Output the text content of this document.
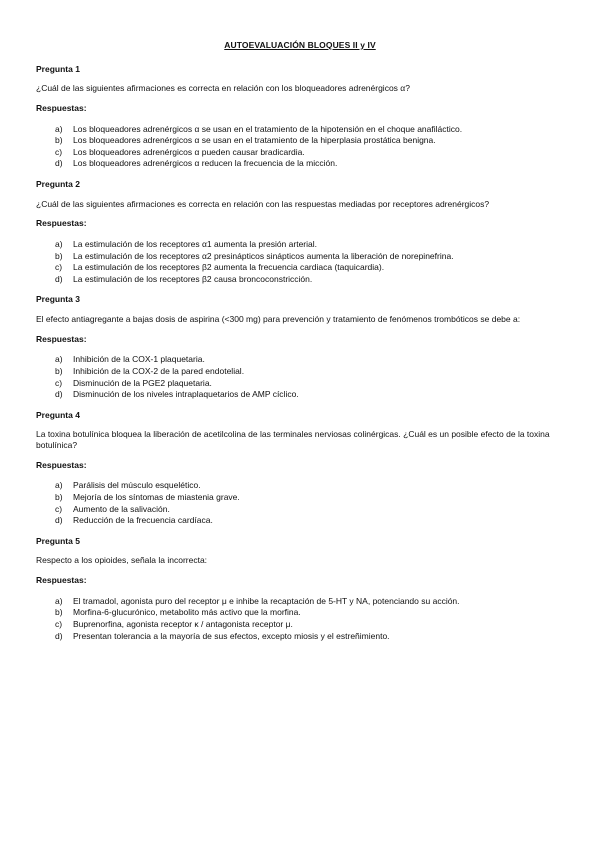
AUTOEVALUACIÓN BLOQUES II y IV
Pregunta 1
¿Cuál de las siguientes afirmaciones es correcta en relación con los bloqueadores adrenérgicos α?
Respuestas:
a)	Los bloqueadores adrenérgicos α se usan en el tratamiento de la hipotensión en el choque anafiláctico.
b)	Los bloqueadores adrenérgicos α se usan en el tratamiento de la hiperplasia prostática benigna.
c)	Los bloqueadores adrenérgicos α pueden causar bradicardia.
d)	Los bloqueadores adrenérgicos α reducen la frecuencia de la micción.
Pregunta 2
¿Cuál de las siguientes afirmaciones es correcta en relación con las respuestas mediadas por receptores adrenérgicos?
Respuestas:
a)	La estimulación de los receptores α1 aumenta la presión arterial.
b)	La estimulación de los receptores α2 presinápticos sinápticos aumenta la liberación de norepinefrina.
c)	La estimulación de los receptores β2 aumenta la frecuencia cardiaca (taquicardia).
d)	La estimulación de los receptores β2 causa broncoconstricción.
Pregunta 3
El efecto antiagregante a bajas dosis de aspirina (<300 mg) para prevención y tratamiento de fenómenos trombóticos se debe a:
Respuestas:
a)	Inhibición de la COX-1 plaquetaria.
b)	Inhibición de la COX-2 de la pared endotelial.
c)	Disminución de la PGE2 plaquetaria.
d)	Disminución de los niveles intraplaquetarios de AMP cíclico.
Pregunta 4
La toxina botulínica bloquea la liberación de acetilcolina de las terminales nerviosas colinérgicas. ¿Cuál es un posible efecto de la toxina botulínica?
Respuestas:
a)	Parálisis del músculo esquelético.
b)	Mejoría de los síntomas de miastenia grave.
c)	Aumento de la salivación.
d)	Reducción de la frecuencia cardíaca.
Pregunta 5
Respecto a los opioides, señala la incorrecta:
Respuestas:
a)	El tramadol, agonista puro del receptor μ e inhibe la recaptación de 5-HT y NA, potenciando su acción.
b)	Morfina-6-glucurónico, metabolito más activo que la morfina.
c)	Buprenorfina, agonista receptor κ / antagonista receptor μ.
d)	Presentan tolerancia a la mayoría de sus efectos, excepto miosis y el estreñimiento.
